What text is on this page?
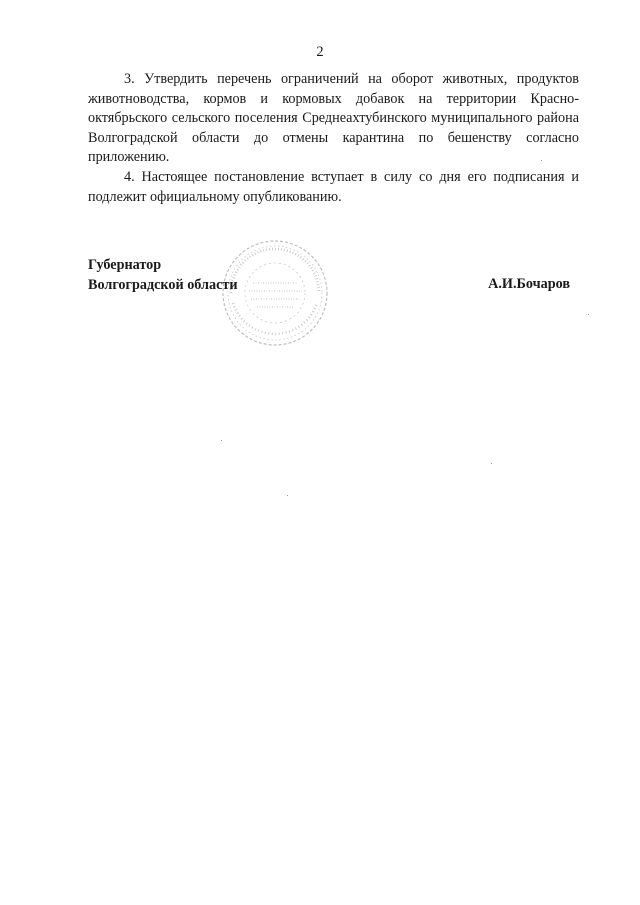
2

3. Утвердить перечень ограничений на оборот животных, продуктов животноводства, кормов и кормовых добавок на территории Красно-октябрьского сельского поселения Среднеахтубинского муниципального района Волгоградской области до отмены карантина по бешенству согласно приложению.

4. Настоящее постановление вступает в силу со дня его подписания и подлежит официальному опубликованию.

Губернатор
Волгоградской области	А.И.Бочаров
